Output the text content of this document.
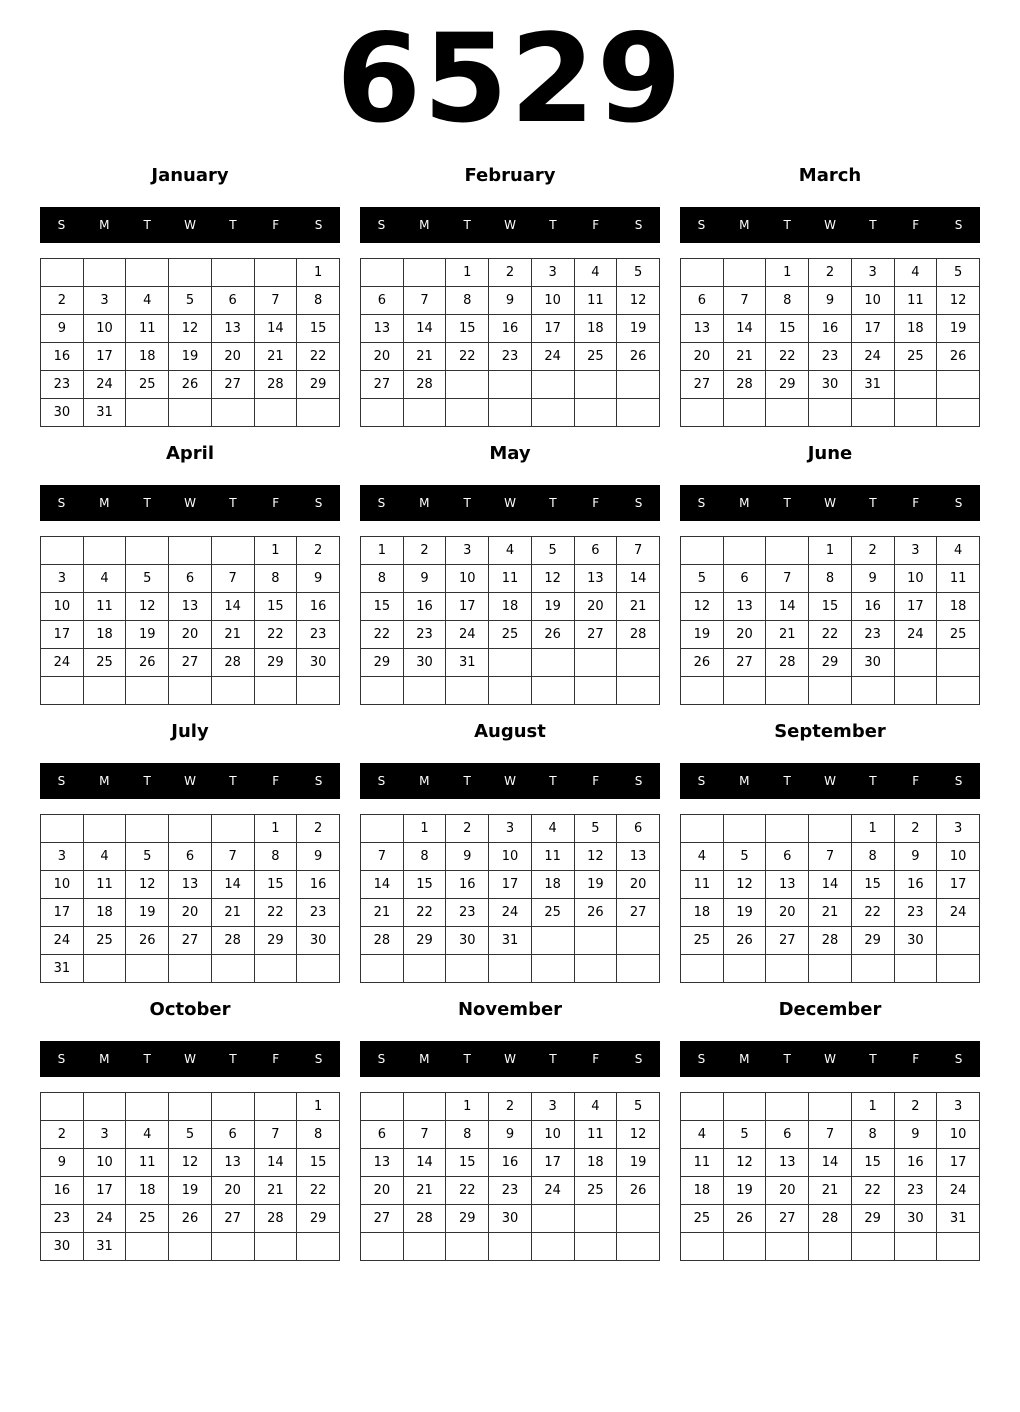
6529
January
S	M	T	W	T	F	S
						1
2	3	4	5	6	7	8
9	10	11	12	13	14	15
16	17	18	19	20	21	22
23	24	25	26	27	28	29
30	31					
February
S	M	T	W	T	F	S
		1	2	3	4	5
6	7	8	9	10	11	12
13	14	15	16	17	18	19
20	21	22	23	24	25	26
27	28					

March
S	M	T	W	T	F	S
		1	2	3	4	5
6	7	8	9	10	11	12
13	14	15	16	17	18	19
20	21	22	23	24	25	26
27	28	29	30	31		

April
S	M	T	W	T	F	S
					1	2
3	4	5	6	7	8	9
10	11	12	13	14	15	16
17	18	19	20	21	22	23
24	25	26	27	28	29	30

May
S	M	T	W	T	F	S
1	2	3	4	5	6	7
8	9	10	11	12	13	14
15	16	17	18	19	20	21
22	23	24	25	26	27	28
29	30	31				

June
S	M	T	W	T	F	S
			1	2	3	4
5	6	7	8	9	10	11
12	13	14	15	16	17	18
19	20	21	22	23	24	25
26	27	28	29	30		

July
S	M	T	W	T	F	S
					1	2
3	4	5	6	7	8	9
10	11	12	13	14	15	16
17	18	19	20	21	22	23
24	25	26	27	28	29	30
31						
August
S	M	T	W	T	F	S
	1	2	3	4	5	6
7	8	9	10	11	12	13
14	15	16	17	18	19	20
21	22	23	24	25	26	27
28	29	30	31			

September
S	M	T	W	T	F	S
				1	2	3
4	5	6	7	8	9	10
11	12	13	14	15	16	17
18	19	20	21	22	23	24
25	26	27	28	29	30	

October
S	M	T	W	T	F	S
						1
2	3	4	5	6	7	8
9	10	11	12	13	14	15
16	17	18	19	20	21	22
23	24	25	26	27	28	29
30	31					
November
S	M	T	W	T	F	S
		1	2	3	4	5
6	7	8	9	10	11	12
13	14	15	16	17	18	19
20	21	22	23	24	25	26
27	28	29	30			

December
S	M	T	W	T	F	S
				1	2	3
4	5	6	7	8	9	10
11	12	13	14	15	16	17
18	19	20	21	22	23	24
25	26	27	28	29	30	31
